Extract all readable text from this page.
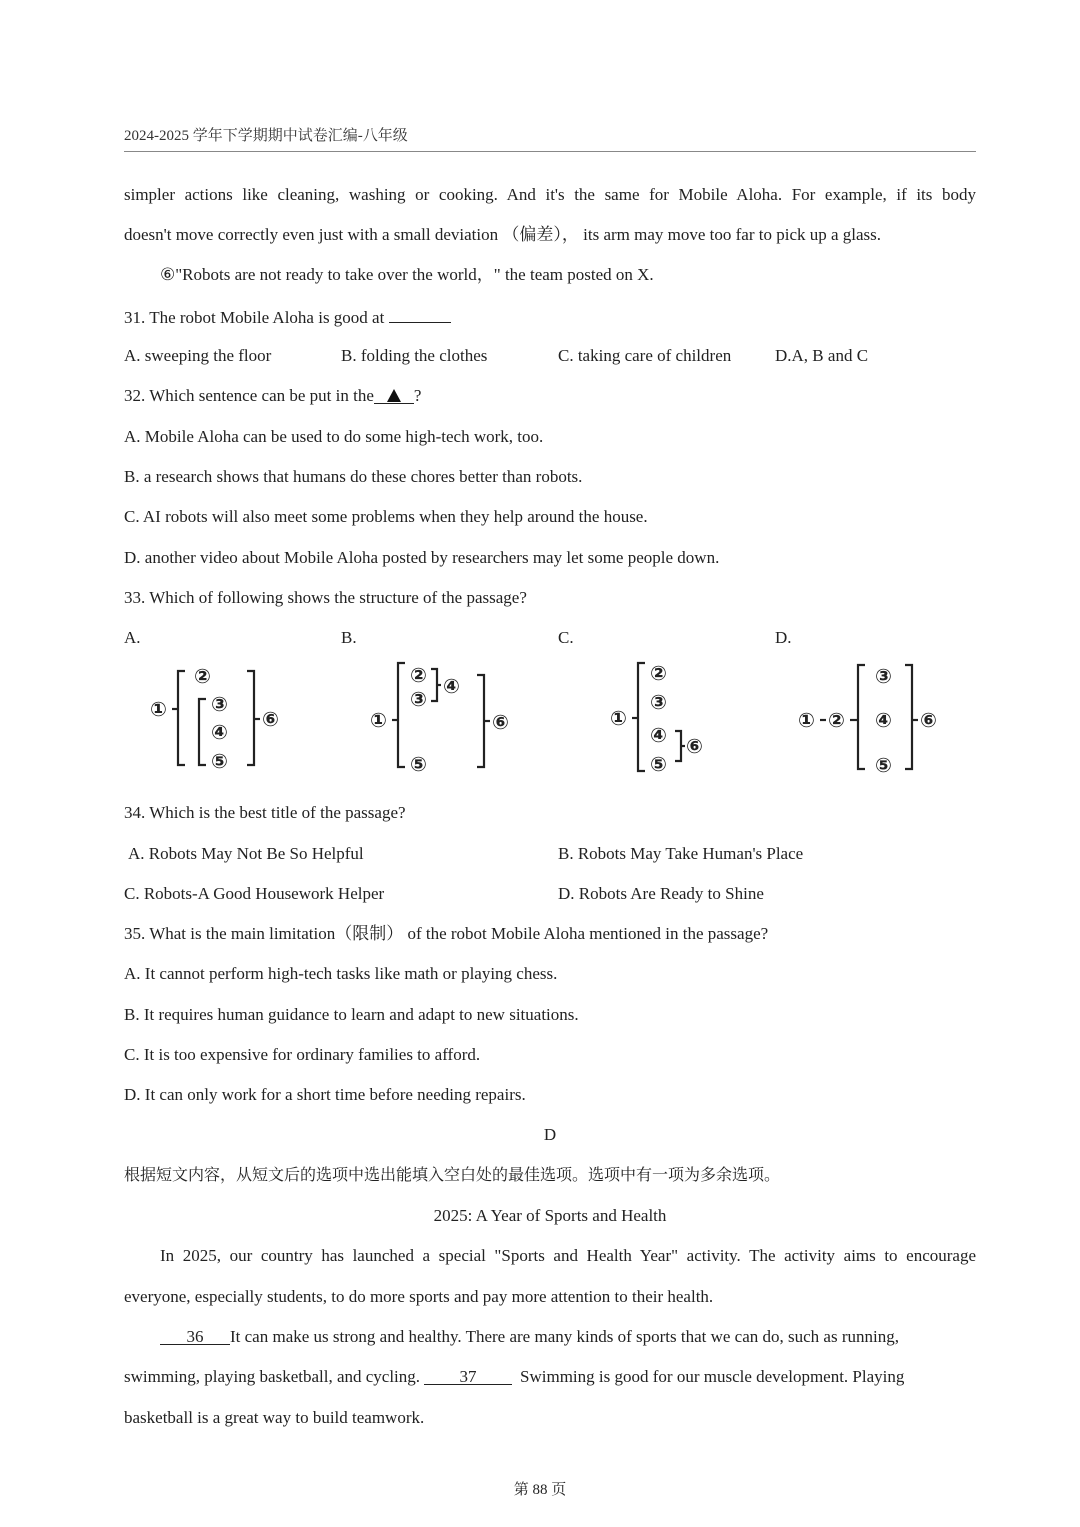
2024-2025 学年下学期期中试卷汇编-八年级
simpler actions like cleaning, washing or cooking. And it's the same for Mobile Aloha. For example, if its body
doesn't move correctly even just with a small deviation （偏差）， its arm may move too far to pick up a glass.
⑥"Robots are not ready to take over the world，" the team posted on X.
31. The robot Mobile Aloha is good at
A. sweeping the floor	B. folding the clothes	C. taking care of children	D.A, B and C
32. Which sentence can be put in the ?
A. Mobile Aloha can be used to do some high-tech work, too.
B. a research shows that humans do these chores better than robots.
C. AI robots will also meet some problems when they help around the house.
D. another video about Mobile Aloha posted by researchers may let some people down.
33. Which of following shows the structure of the passage?
A.	B.	C.	D.
①
②
③
④
⑤
⑥	①
②
③
④
⑤
⑥	①
②
③
④
⑤
⑥
① ②
③
④
⑤
⑥
34. Which is the best title of the passage?
A. Robots May Not Be So Helpful	B. Robots May Take Human's Place
C. Robots-A Good Housework Helper	D. Robots Are Ready to Shine
35. What is the main limitation（限制） of the robot Mobile Aloha mentioned in the passage?
A. It cannot perform high-tech tasks like math or playing chess.
B. It requires human guidance to learn and adapt to new situations.
C. It is too expensive for ordinary families to afford.
D. It can only work for a short time before needing repairs.
D
根据短文内容，从短文后的选项中选出能填入空白处的最佳选项。选项中有一项为多余选项。
2025: A Year of Sports and Health
In 2025, our country has launched a special "Sports and Health Year" activity. The activity aims to encourage
everyone, especially students, to do more sports and pay more attention to their health.
36 It can make us strong and healthy. There are many kinds of sports that we can do, such as running,
swimming, playing basketball, and cycling. 37	Swimming is good for our muscle development. Playing
basketball is a great way to build teamwork.
第 88 页
